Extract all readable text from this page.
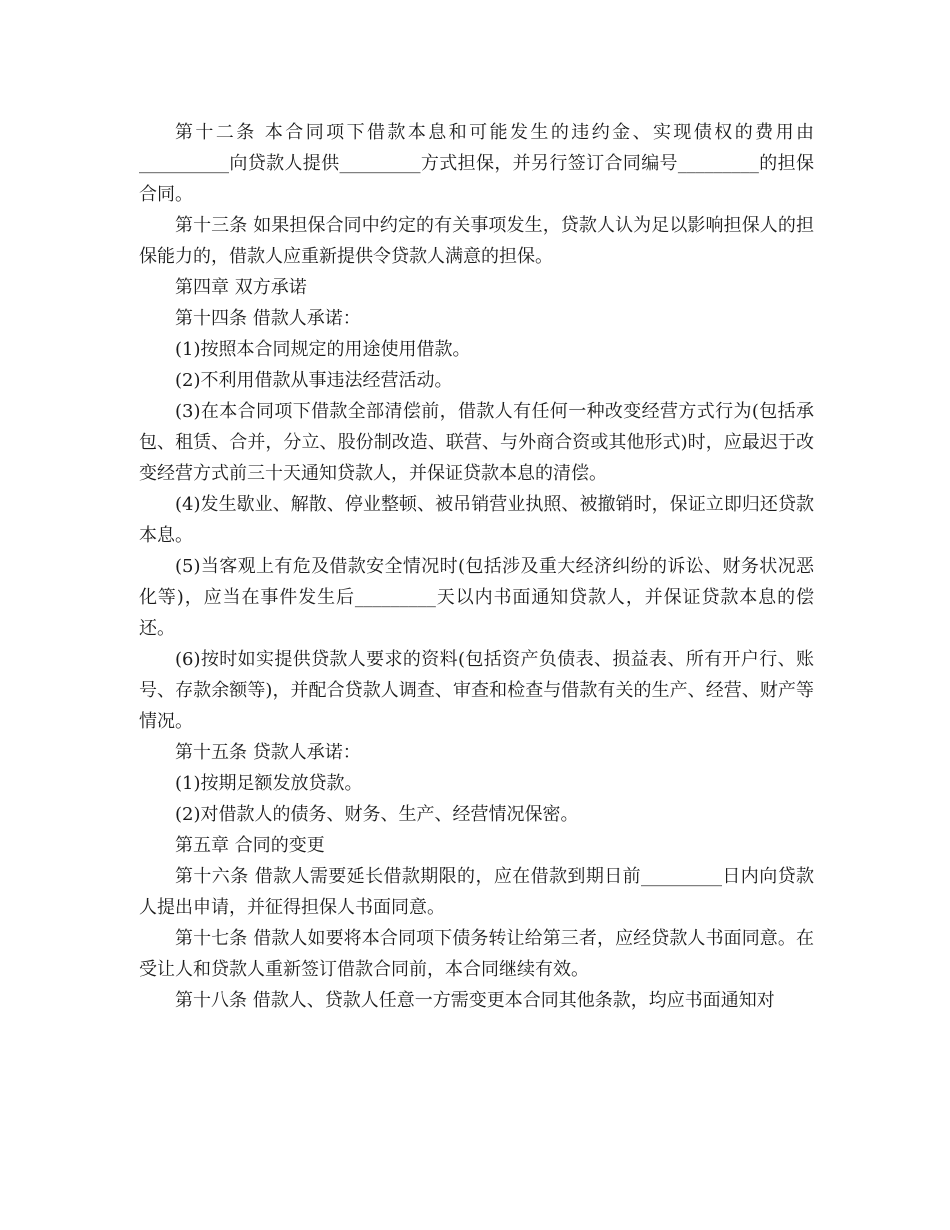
第十二条 本合同项下借款本息和可能发生的违约金、实现债权的费用由__________向贷款人提供_________方式担保，并另行签订合同编号_________的担保合同。

第十三条 如果担保合同中约定的有关事项发生，贷款人认为足以影响担保人的担保能力的，借款人应重新提供令贷款人满意的担保。

第四章 双方承诺

第十四条 借款人承诺：

(1)按照本合同规定的用途使用借款。

(2)不利用借款从事违法经营活动。

(3)在本合同项下借款全部清偿前，借款人有任何一种改变经营方式行为(包括承包、租赁、合并，分立、股份制改造、联营、与外商合资或其他形式)时，应最迟于改变经营方式前三十天通知贷款人，并保证贷款本息的清偿。

(4)发生歇业、解散、停业整顿、被吊销营业执照、被撤销时，保证立即归还贷款本息。

(5)当客观上有危及借款安全情况时(包括涉及重大经济纠纷的诉讼、财务状况恶化等)，应当在事件发生后_________天以内书面通知贷款人，并保证贷款本息的偿还。

(6)按时如实提供贷款人要求的资料(包括资产负债表、损益表、所有开户行、账号、存款余额等)，并配合贷款人调查、审查和检查与借款有关的生产、经营、财产等情况。

第十五条 贷款人承诺：

(1)按期足额发放贷款。

(2)对借款人的债务、财务、生产、经营情况保密。

第五章 合同的变更

第十六条 借款人需要延长借款期限的，应在借款到期日前_________日内向贷款人提出申请，并征得担保人书面同意。

第十七条 借款人如要将本合同项下债务转让给第三者，应经贷款人书面同意。在受让人和贷款人重新签订借款合同前，本合同继续有效。

第十八条 借款人、贷款人任意一方需变更本合同其他条款，均应书面通知对
